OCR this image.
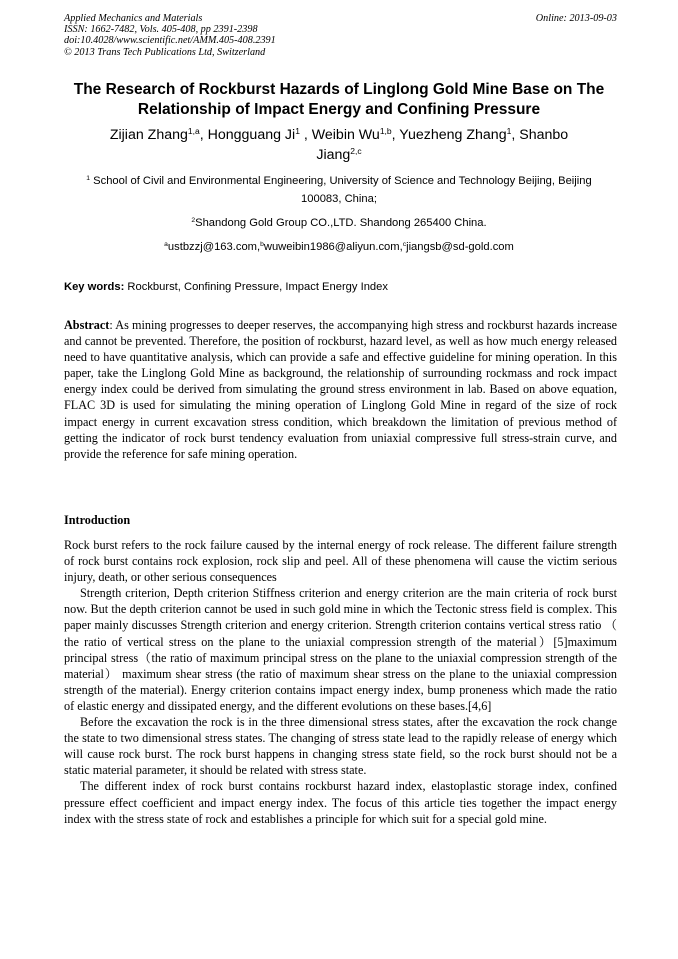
Applied Mechanics and Materials
ISSN: 1662-7482, Vols. 405-408, pp 2391-2398
doi:10.4028/www.scientific.net/AMM.405-408.2391
© 2013 Trans Tech Publications Ltd, Switzerland
Online: 2013-09-03
The Research of Rockburst Hazards of Linglong Gold Mine Base on The Relationship of Impact Energy and Confining Pressure
Zijian Zhang$^{1,a}$, Hongguang Ji$^1$ , Weibin Wu$^{1,b}$, Yuezheng Zhang$^1$, Shanbo Jiang$^{2,c}$
$^1$ School of Civil and Environmental Engineering, University of Science and Technology Beijing, Beijing 100083, China;
$^2$Shandong Gold Group CO.,LTD. Shandong 265400 China.
$^a$ustbzzj@163.com,$^b$wuweibin1986@aliyun.com,$^c$jiangsb@sd-gold.com
Key words: Rockburst, Confining Pressure, Impact Energy Index

Abstract: As mining progresses to deeper reserves, the accompanying high stress and rockburst hazards increase and cannot be prevented. Therefore, the position of rockburst, hazard level, as well as how much energy released need to have quantitative analysis, which can provide a safe and effective guideline for mining operation. In this paper, take the Linglong Gold Mine as background, the relationship of surrounding rockmass and rock impact energy index could be derived from simulating the ground stress environment in lab. Based on above equation, FLAC 3D is used for simulating the mining operation of Linglong Gold Mine in regard of the size of rock impact energy in current excavation stress condition, which breakdown the limitation of previous method of getting the indicator of rock burst tendency evaluation from uniaxial compressive full stress-strain curve, and provide the reference for safe mining operation.

Introduction

Rock burst refers to the rock failure caused by the internal energy of rock release. The different failure strength of rock burst contains rock explosion, rock slip and peel. All of these phenomena will cause the victim serious injury, death, or other serious consequences

Strength criterion, Depth criterion Stiffness criterion and energy criterion are the main criteria of rock burst now. But the depth criterion cannot be used in such gold mine in which the Tectonic stress field is complex. This paper mainly discusses Strength criterion and energy criterion. Strength criterion contains vertical stress ratio （ the ratio of vertical stress on the plane to the uniaxial compression strength of the material）[5]maximum principal stress（the ratio of maximum principal stress on the plane to the uniaxial compression strength of the material） maximum shear stress (the ratio of maximum shear stress on the plane to the uniaxial compression strength of the material). Energy criterion contains impact energy index, bump proneness which made the ratio of elastic energy and dissipated energy, and the different evolutions on these bases.[4,6]

Before the excavation the rock is in the three dimensional stress states, after the excavation the rock change the state to two dimensional stress states. The changing of stress state lead to the rapidly release of energy which will cause rock burst. The rock burst happens in changing stress state field, so the rock burst should not be a static material parameter, it should be related with stress state.

The different index of rock burst contains rockburst hazard index, elastoplastic storage index, confined pressure effect coefficient and impact energy index. The focus of this article ties together the impact energy index with the stress state of rock and establishes a principle for which suit for a special gold mine.
